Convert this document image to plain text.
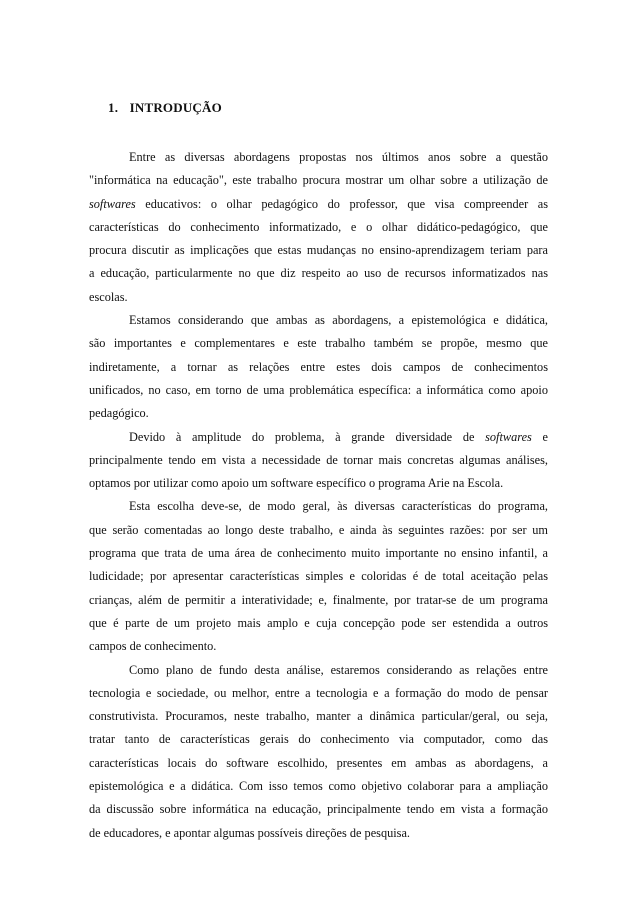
1. INTRODUÇÃO
Entre as diversas abordagens propostas nos últimos anos sobre a questão
"informática na educação", este trabalho procura mostrar um olhar sobre a utilização de
softwares educativos: o olhar pedagógico do professor, que visa compreender as
características do conhecimento informatizado, e o olhar didático-pedagógico, que
procura discutir as implicações que estas mudanças no ensino-aprendizagem teriam para
a educação, particularmente no que diz respeito ao uso de recursos informatizados nas
escolas.
Estamos considerando que ambas as abordagens, a epistemológica e didática,
são importantes e complementares e este trabalho também se propõe, mesmo que
indiretamente, a tornar as relações entre estes dois campos de conhecimentos
unificados, no caso, em torno de uma problemática específica: a informática como apoio
pedagógico.
Devido à amplitude do problema, à grande diversidade de softwares e
principalmente tendo em vista a necessidade de tornar mais concretas algumas análises,
optamos por utilizar como apoio um software específico o programa Arie na Escola.
Esta escolha deve-se, de modo geral, às diversas características do programa,
que serão comentadas ao longo deste trabalho, e ainda às seguintes razões: por ser um
programa que trata de uma área de conhecimento muito importante no ensino infantil, a
ludicidade; por apresentar características simples e coloridas é de total aceitação pelas
crianças, além de permitir a interatividade; e, finalmente, por tratar-se de um programa
que é parte de um projeto mais amplo e cuja concepção pode ser estendida a outros
campos de conhecimento.
Como plano de fundo desta análise, estaremos considerando as relações entre
tecnologia e sociedade, ou melhor, entre a tecnologia e a formação do modo de pensar
construtivista. Procuramos, neste trabalho, manter a dinâmica particular/geral, ou seja,
tratar tanto de características gerais do conhecimento via computador, como das
características locais do software escolhido, presentes em ambas as abordagens, a
epistemológica e a didática. Com isso temos como objetivo colaborar para a ampliação
da discussão sobre informática na educação, principalmente tendo em vista a formação
de educadores, e apontar algumas possíveis direções de pesquisa.
